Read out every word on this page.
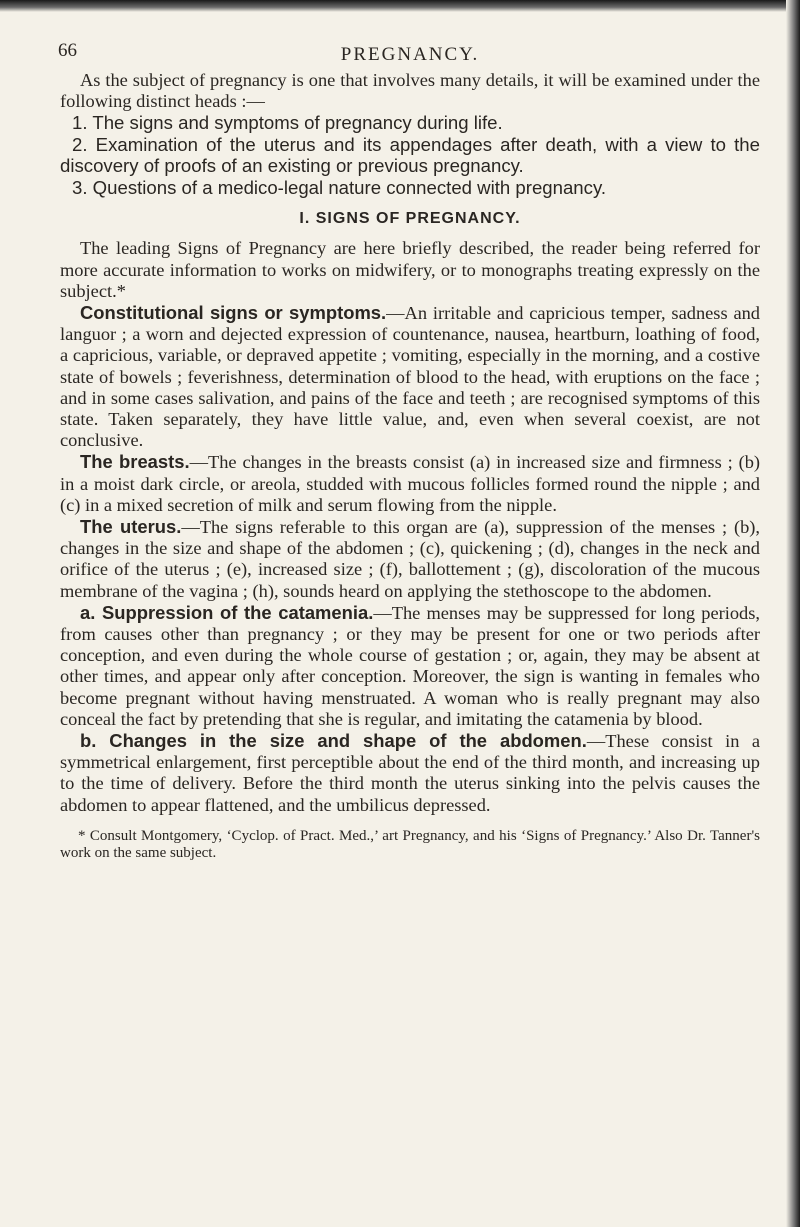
66	PREGNANCY.

As the subject of pregnancy is one that involves many details, it will be examined under the following distinct heads :—

1. The signs and symptoms of pregnancy during life.

2. Examination of the uterus and its appendages after death, with a view to the discovery of proofs of an existing or previous pregnancy.

3. Questions of a medico-legal nature connected with pregnancy.

I. SIGNS OF PREGNANCY.

The leading Signs of Pregnancy are here briefly described, the reader being referred for more accurate information to works on midwifery, or to monographs treating expressly on the subject.*

Constitutional signs or symptoms.—An irritable and capricious temper, sadness and languor ; a worn and dejected expression of countenance, nausea, heartburn, loathing of food, a capricious, variable, or depraved appetite ; vomiting, especially in the morning, and a costive state of bowels ; feverishness, determination of blood to the head, with eruptions on the face ; and in some cases salivation, and pains of the face and teeth ; are recognised symptoms of this state. Taken separately, they have little value, and, even when several coexist, are not conclusive.

The breasts.—The changes in the breasts consist (a) in increased size and firmness ; (b) in a moist dark circle, or areola, studded with mucous follicles formed round the nipple ; and (c) in a mixed secretion of milk and serum flowing from the nipple.

The uterus.—The signs referable to this organ are (a), suppression of the menses ; (b), changes in the size and shape of the abdomen ; (c), quickening ; (d), changes in the neck and orifice of the uterus ; (e), increased size ; (f), ballottement ; (g), discoloration of the mucous membrane of the vagina ; (h), sounds heard on applying the stethoscope to the abdomen.

a. Suppression of the catamenia.—The menses may be suppressed for long periods, from causes other than pregnancy ; or they may be present for one or two periods after conception, and even during the whole course of gestation ; or, again, they may be absent at other times, and appear only after conception. Moreover, the sign is wanting in females who become pregnant without having menstruated. A woman who is really pregnant may also conceal the fact by pretending that she is regular, and imitating the catamenia by blood.

b. Changes in the size and shape of the abdomen.—These consist in a symmetrical enlargement, first perceptible about the end of the third month, and increasing up to the time of delivery. Before the third month the uterus sinking into the pelvis causes the abdomen to appear flattened, and the umbilicus depressed.

* Consult Montgomery, ‘Cyclop. of Pract. Med.,’ art Pregnancy, and his ‘Signs of Pregnancy.’ Also Dr. Tanner's work on the same subject.
